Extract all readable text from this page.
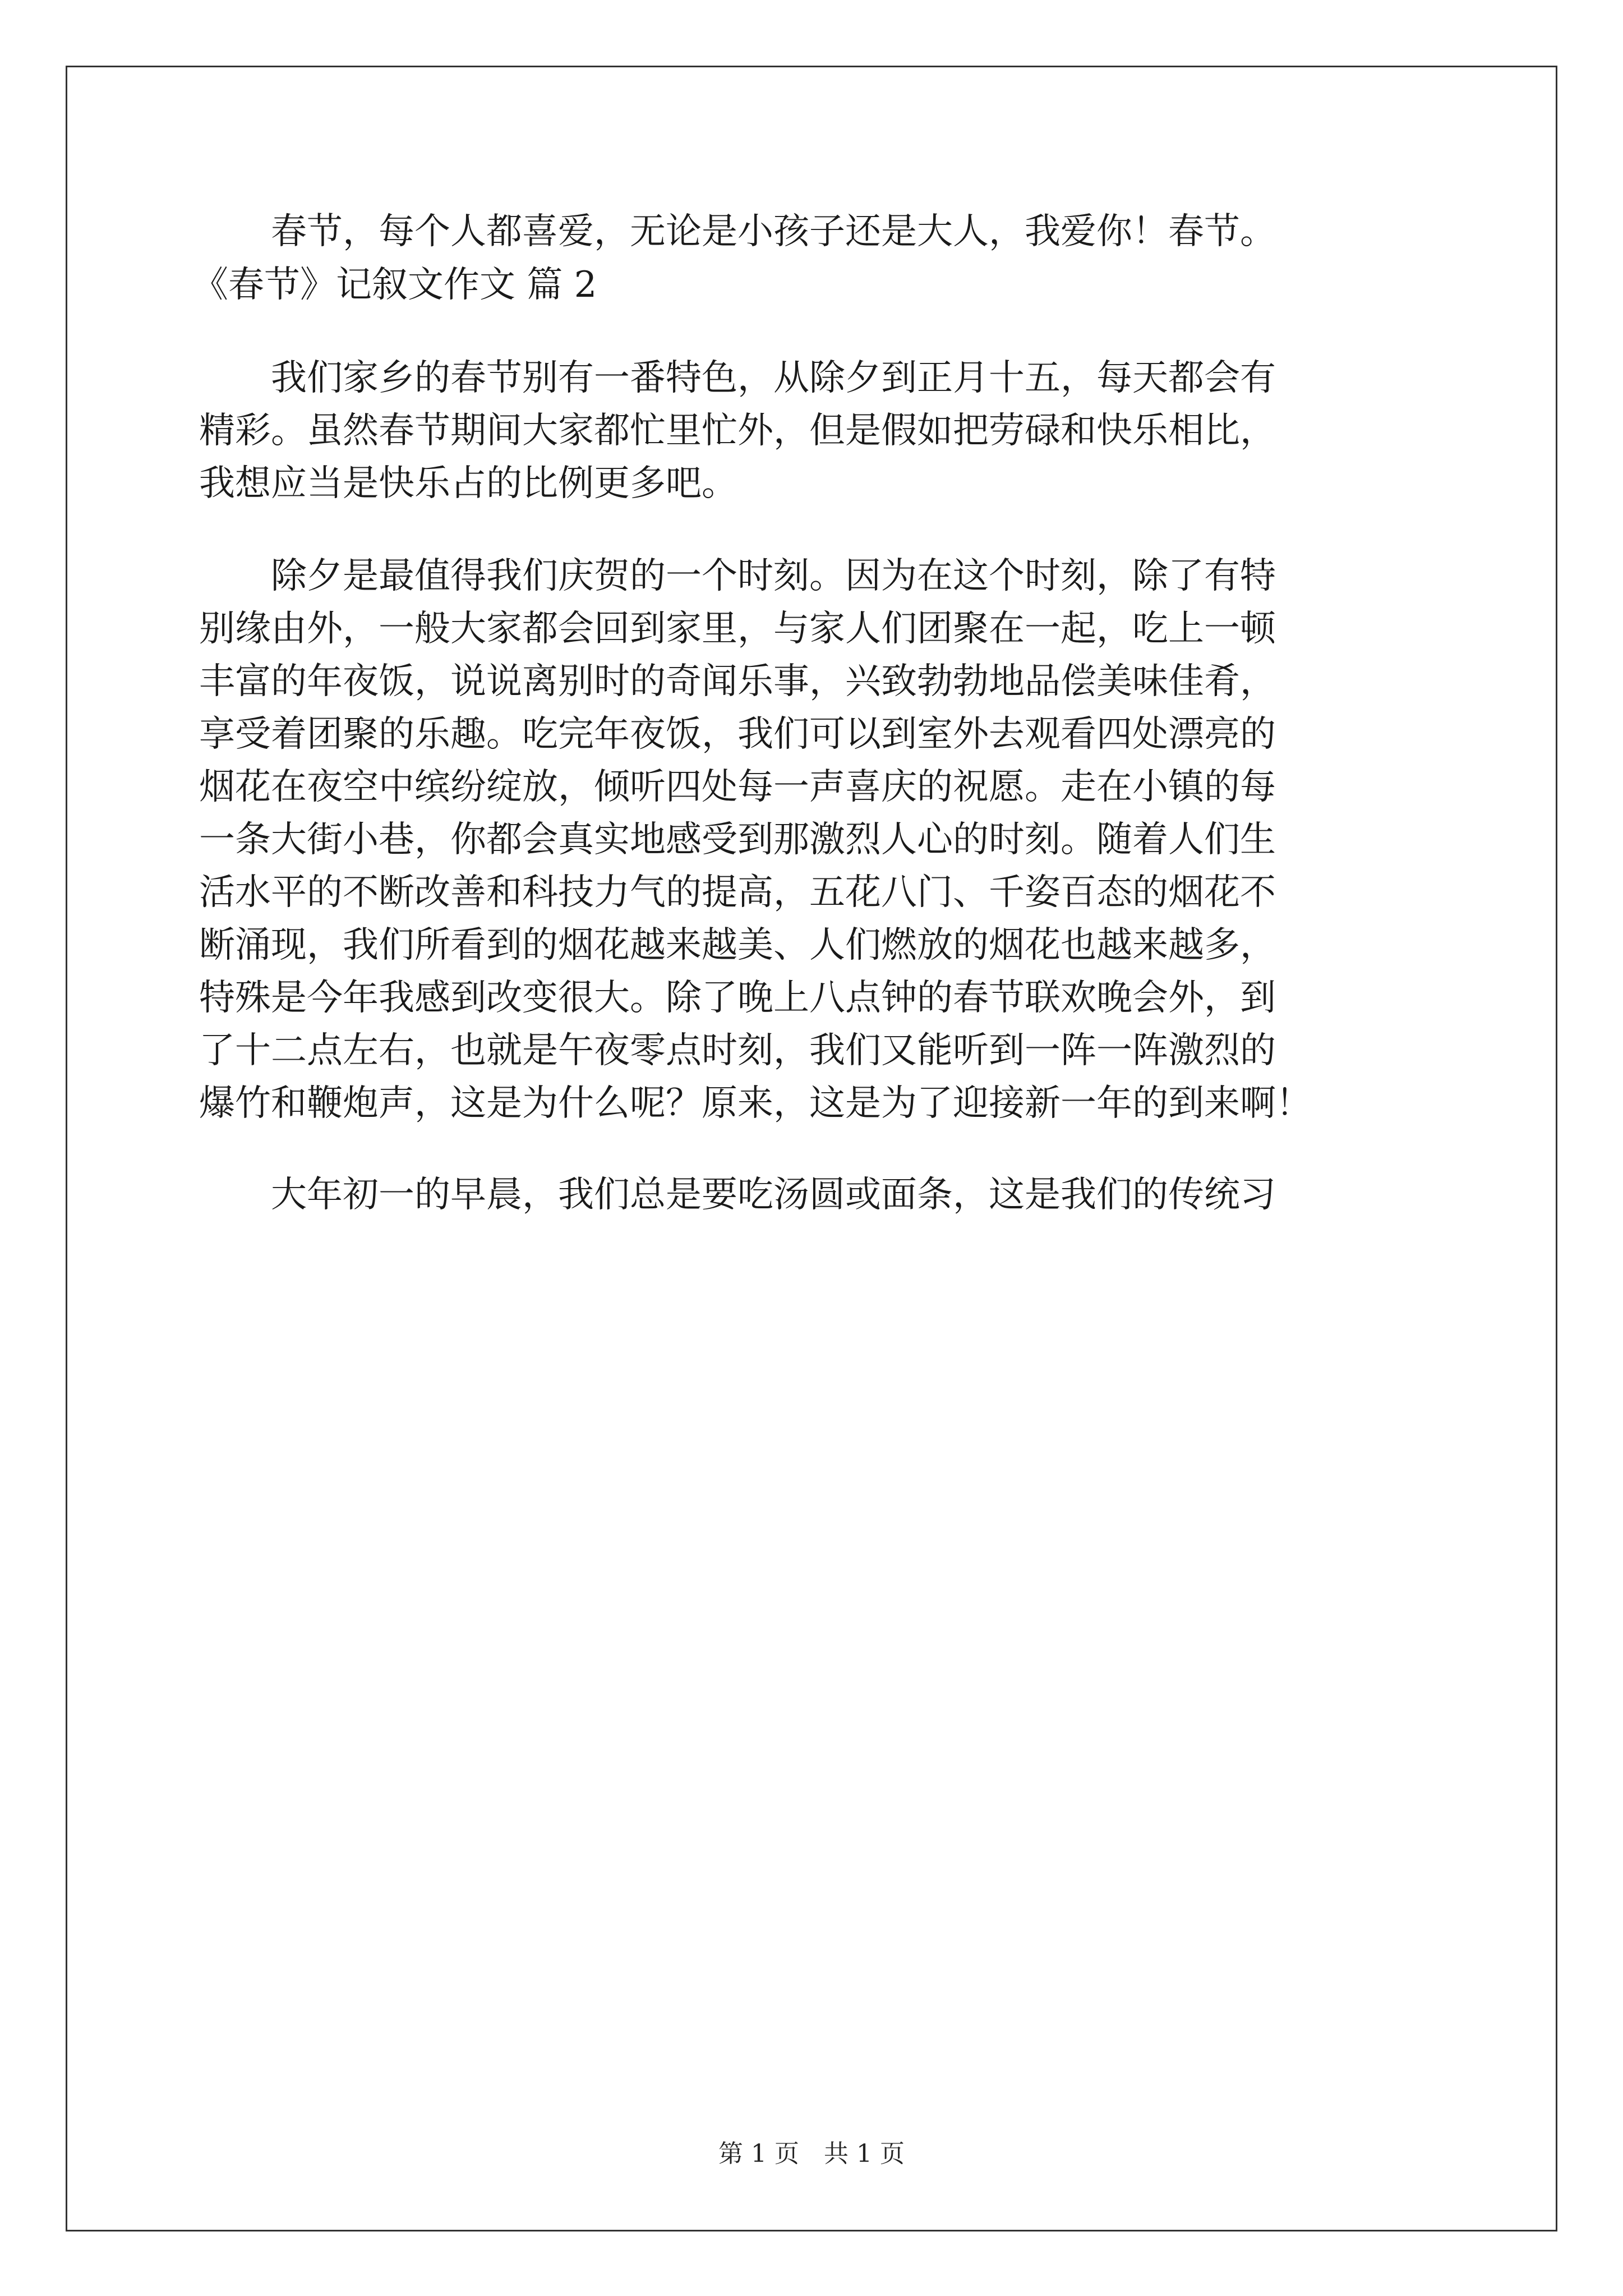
　　春节，每个人都喜爱，无论是小孩子还是大人，我爱你！春节。
《春节》记叙文作文 篇 2
　　我们家乡的春节别有一番特色，从除夕到正月十五，每天都会有
精彩。虽然春节期间大家都忙里忙外，但是假如把劳碌和快乐相比，
我想应当是快乐占的比例更多吧。
　　除夕是最值得我们庆贺的一个时刻。因为在这个时刻，除了有特
别缘由外，一般大家都会回到家里，与家人们团聚在一起，吃上一顿
丰富的年夜饭，说说离别时的奇闻乐事，兴致勃勃地品偿美味佳肴，
享受着团聚的乐趣。吃完年夜饭，我们可以到室外去观看四处漂亮的
烟花在夜空中缤纷绽放，倾听四处每一声喜庆的祝愿。走在小镇的每
一条大街小巷，你都会真实地感受到那激烈人心的时刻。随着人们生
活水平的不断改善和科技力气的提高，五花八门、千姿百态的烟花不
断涌现，我们所看到的烟花越来越美、人们燃放的烟花也越来越多，
特殊是今年我感到改变很大。除了晚上八点钟的春节联欢晚会外，到
了十二点左右，也就是午夜零点时刻，我们又能听到一阵一阵激烈的
爆竹和鞭炮声，这是为什么呢？原来，这是为了迎接新一年的到来啊！
　　大年初一的早晨，我们总是要吃汤圆或面条，这是我们的传统习
第 1 页　共 1 页
